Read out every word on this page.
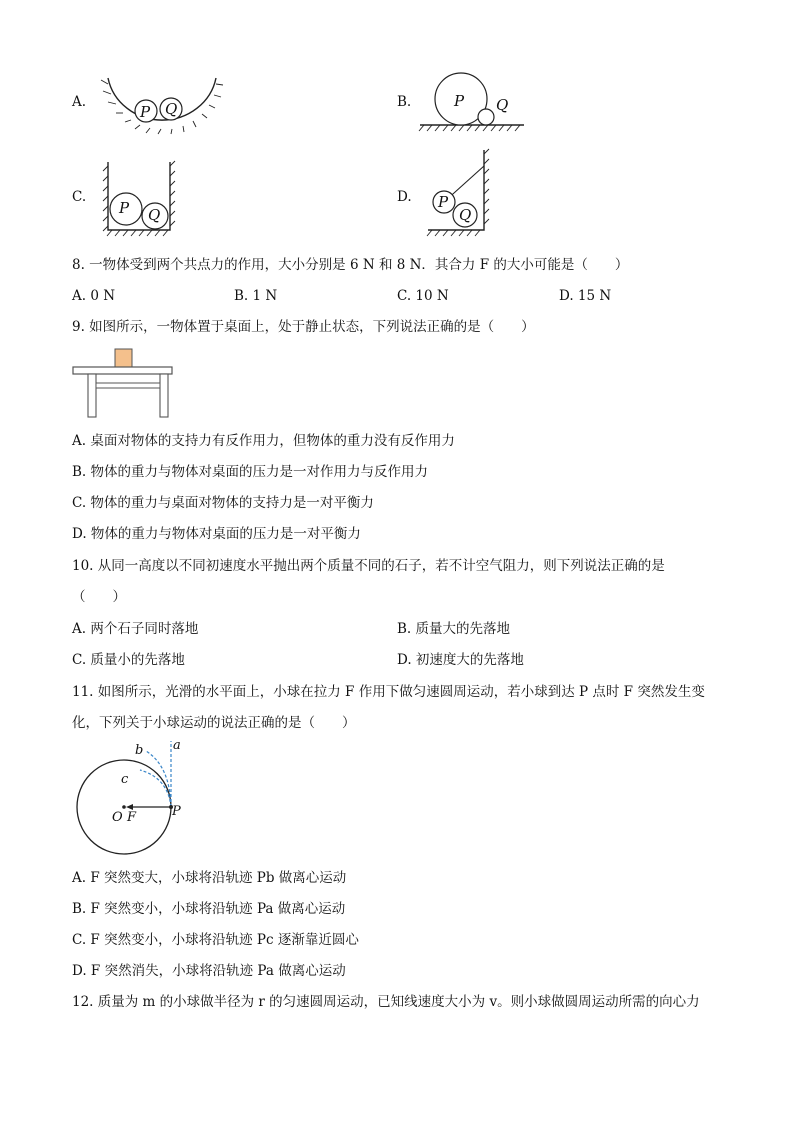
A.
P Q	B.	P Q
C.
P Q
D. P
Q
8. 一物体受到两个共点力的作用，大小分别是 6 N 和 8 N．其合力 F 的大小可能是（　　）
A. 0 N	B. 1 N	C. 10 N	D. 15 N
9. 如图所示，一物体置于桌面上，处于静止状态，下列说法正确的是（　　）
A. 桌面对物体的支持力有反作用力，但物体的重力没有反作用力
B. 物体的重力与物体对桌面的压力是一对作用力与反作用力
C. 物体的重力与桌面对物体的支持力是一对平衡力
D. 物体的重力与物体对桌面的压力是一对平衡力
10. 从同一高度以不同初速度水平抛出两个质量不同的石子，若不计空气阻力，则下列说法正确的是
（　　）
A. 两个石子同时落地	B. 质量大的先落地
C. 质量小的先落地	D. 初速度大的先落地
11. 如图所示，光滑的水平面上，小球在拉力 F 作用下做匀速圆周运动，若小球到达 P 点时 F 突然发生变
化，下列关于小球运动的说法正确的是（　　）
a
b
c
O F	P
A. F 突然变大，小球将沿轨迹 Pb 做离心运动
B. F 突然变小，小球将沿轨迹 Pa 做离心运动
C. F 突然变小，小球将沿轨迹 Pc 逐渐靠近圆心
D. F 突然消失，小球将沿轨迹 Pa 做离心运动
12. 质量为 m 的小球做半径为 r 的匀速圆周运动，已知线速度大小为 v。则小球做圆周运动所需的向心力
